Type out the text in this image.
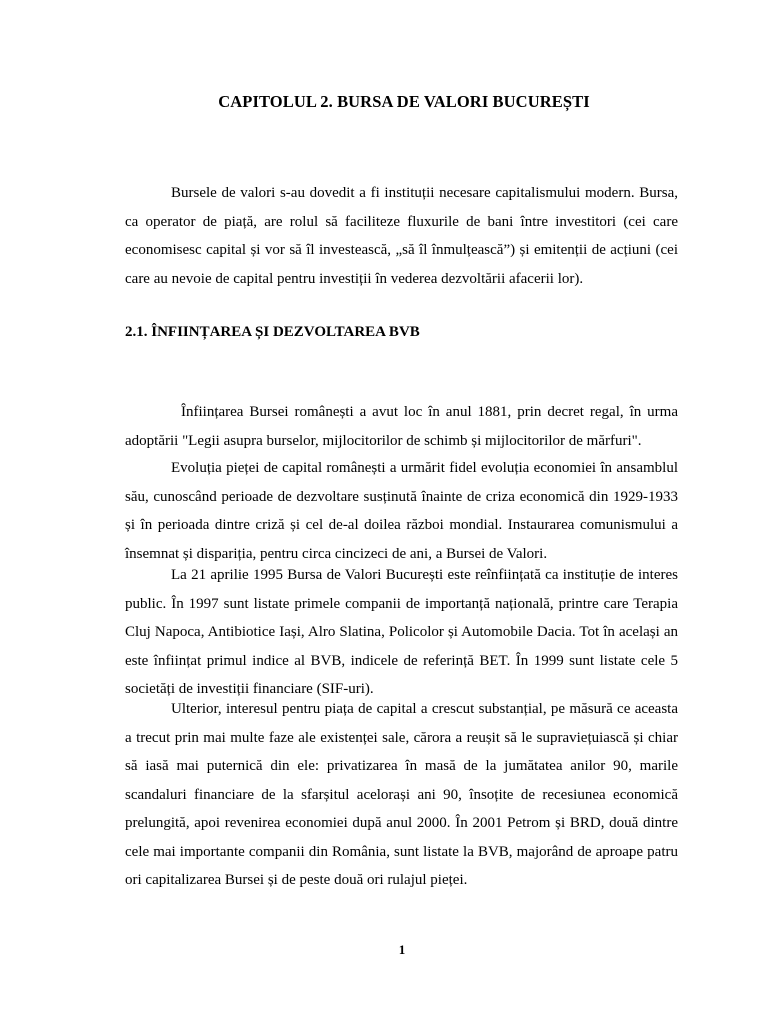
CAPITOLUL 2. BURSA DE VALORI BUCUREȘTI

Bursele de valori s-au dovedit a fi instituții necesare capitalismului modern. Bursa, ca operator de piață, are rolul să faciliteze fluxurile de bani între investitori (cei care economisesc capital și vor să îl investească, „să îl înmulțească”) și emitenții de acțiuni (cei care au nevoie de capital pentru investiții în vederea dezvoltării afacerii lor).

2.1. ÎNFIINȚAREA ȘI DEZVOLTAREA BVB

Înființarea Bursei românești a avut loc în anul 1881, prin decret regal, în urma adoptării "Legii asupra burselor, mijlocitorilor de schimb și mijlocitorilor de mărfuri".

Evoluția pieței de capital românești a urmărit fidel evoluția economiei în ansamblul său, cunoscând perioade de dezvoltare susținută înainte de criza economică din 1929-1933 și în perioada dintre criză și cel de-al doilea război mondial. Instaurarea comunismului a însemnat și dispariția, pentru circa cincizeci de ani, a Bursei de Valori.

La 21 aprilie 1995 Bursa de Valori București este reînființată ca instituție de interes public. În 1997 sunt listate primele companii de importanță națională, printre care Terapia Cluj Napoca, Antibiotice Iași, Alro Slatina, Policolor și Automobile Dacia. Tot în același an este înființat primul indice al BVB, indicele de referință BET. În 1999 sunt listate cele 5 societăți de investiții financiare (SIF-uri).

Ulterior, interesul pentru piața de capital a crescut substanțial, pe măsură ce aceasta a trecut prin mai multe faze ale existenței sale, cărora a reușit să le supraviețuiască și chiar să iasă mai puternică din ele: privatizarea în masă de la jumătatea anilor 90, marile scandaluri financiare de la sfarșitul acelorași ani 90, însoțite de recesiunea economică prelungită, apoi revenirea economiei după anul 2000. În 2001 Petrom și BRD, două dintre cele mai importante companii din România, sunt listate la BVB, majorând de aproape patru ori capitalizarea Bursei și de peste două ori rulajul pieței.

1
